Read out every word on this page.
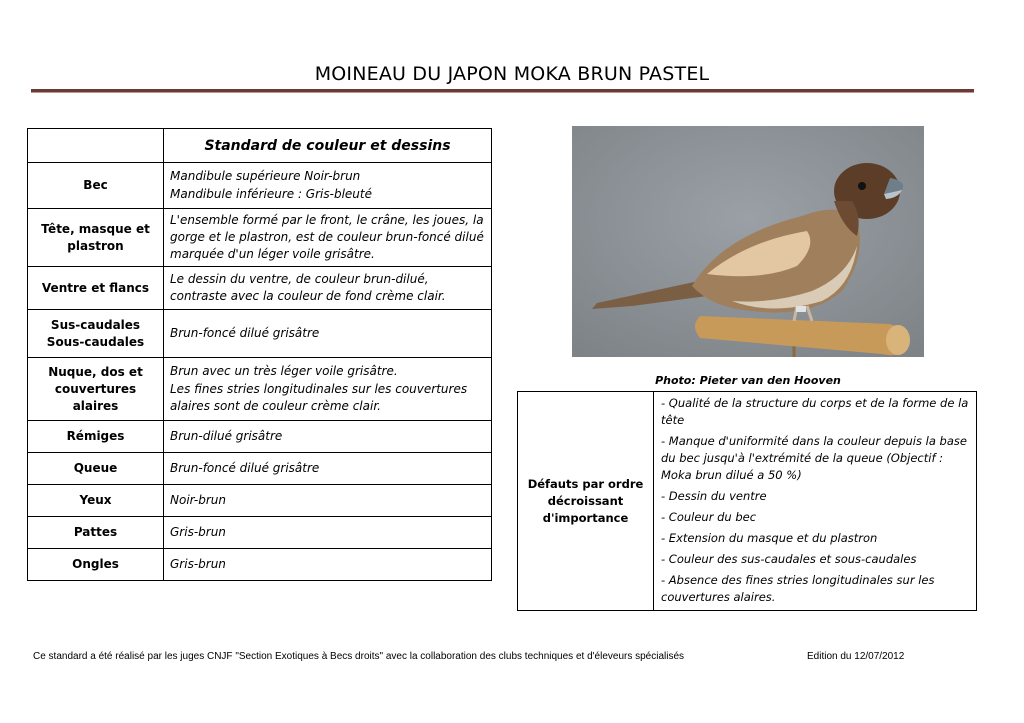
MOINEAU DU JAPON MOKA BRUN PASTEL
	Standard de couleur et dessins
Bec	Mandibule supérieure Noir-brun
Mandibule inférieure : Gris-bleuté

Tête, masque et plastron	L'ensemble formé par le front, le crâne, les joues, la gorge et le plastron, est de couleur brun-foncé dilué marquée d'un léger voile grisâtre.

Ventre et flancs	Le dessin du ventre, de couleur brun-dilué, contraste avec la couleur de fond crème clair.

Sus-caudales Sous-caudales	Brun-foncé dilué grisâtre

Nuque, dos et couvertures alaires	Brun avec un très léger voile grisâtre.
Les fines stries longitudinales sur les couvertures alaires sont de couleur crème clair.

Rémiges	Brun-dilué grisâtre

Queue	Brun-foncé dilué grisâtre

Yeux	Noir-brun

Pattes	Gris-brun

Ongles	Gris-brun
Photo: Pieter van den Hooven
Défauts par ordre décroissant d'importance	
- Qualité de la structure du corps et de la forme de la tête
- Manque d'uniformité dans la couleur depuis la base du bec jusqu'à l'extrémité de la queue (Objectif : Moka brun dilué a 50 %)
- Dessin du ventre
- Couleur du bec
- Extension du masque et du plastron
- Couleur des sus-caudales et sous-caudales
- Absence des fines stries longitudinales sur les couvertures alaires.
Ce standard a été réalisé par les juges CNJF "Section Exotiques à Becs droits" avec la collaboration des clubs techniques et d'éleveurs spécialisés	Edition du 12/07/2012
